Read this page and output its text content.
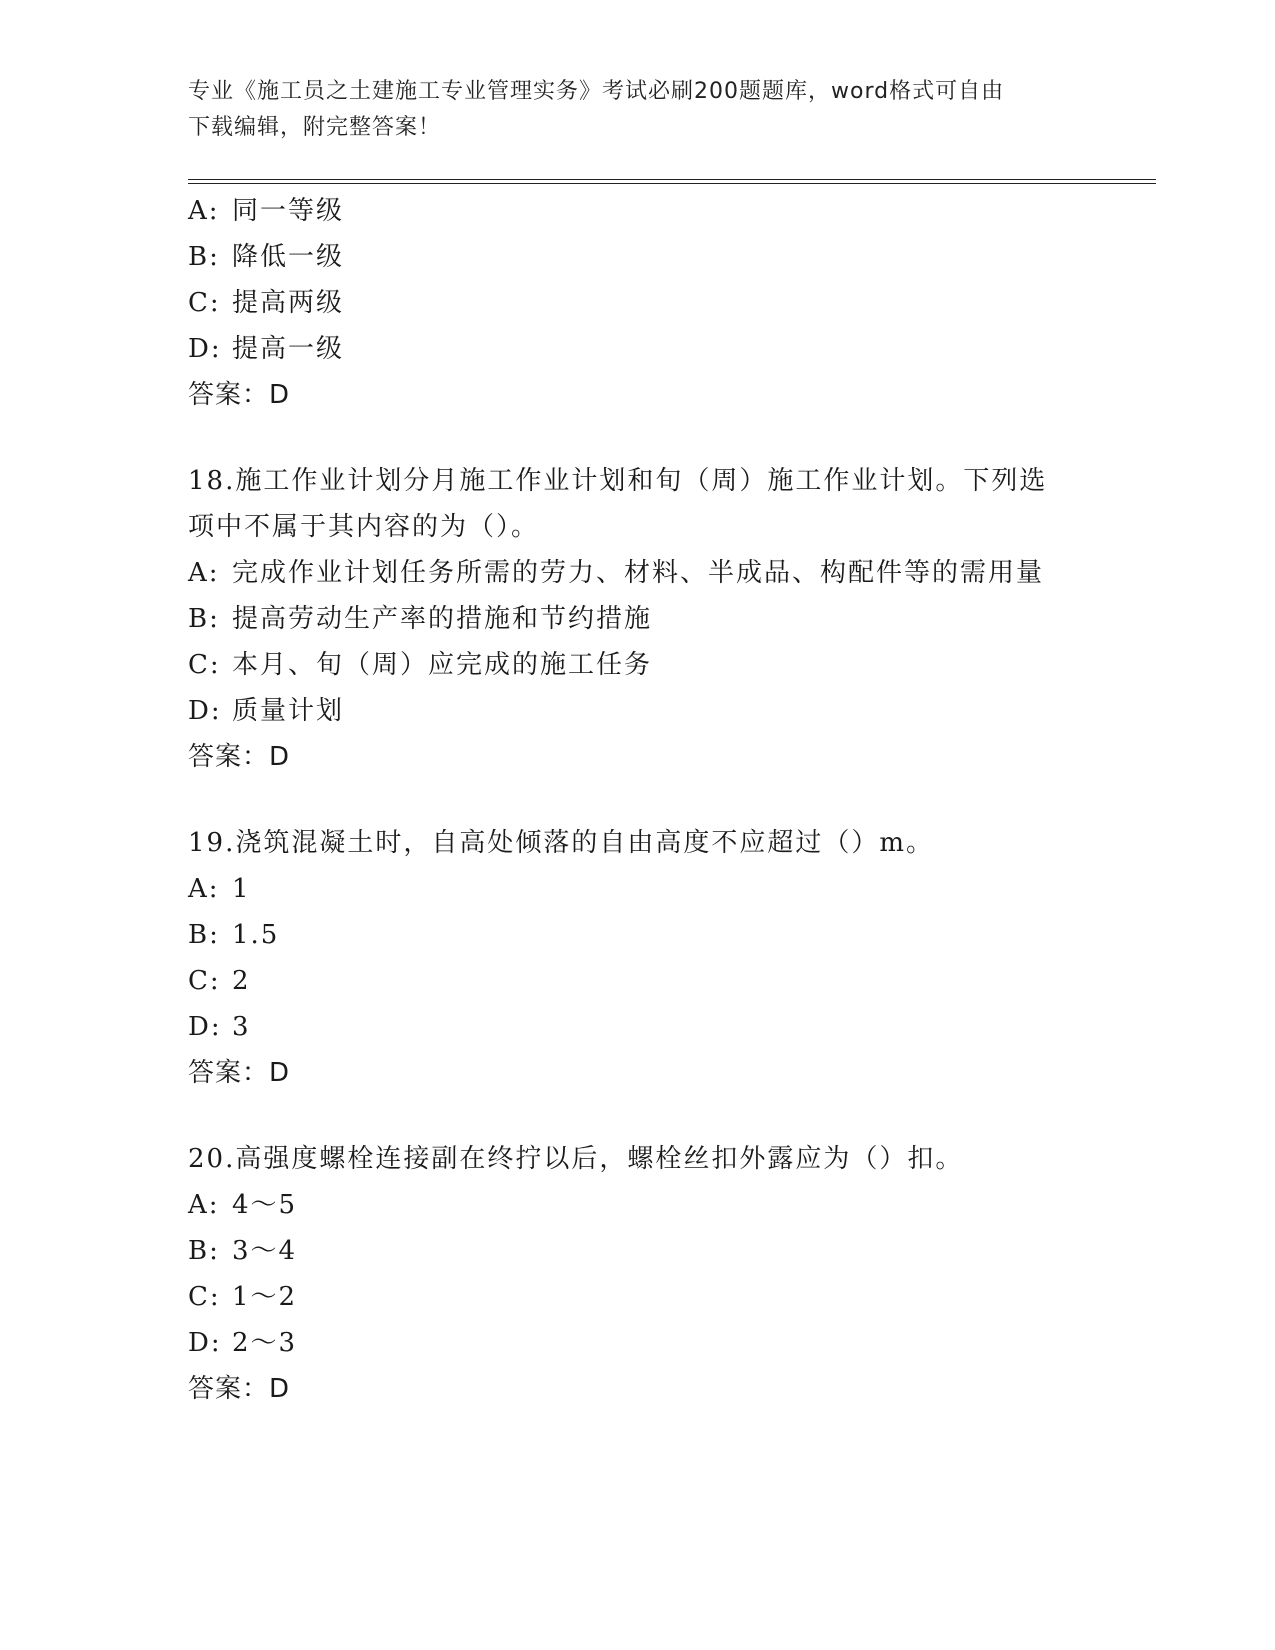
专业《施工员之土建施工专业管理实务》考试必刷200题题库，word格式可自由
下载编辑，附完整答案！
A: 同一等级
B: 降低一级
C: 提高两级
D: 提高一级
答案：D
18.施工作业计划分月施工作业计划和旬（周）施工作业计划。下列选
项中不属于其内容的为（）。
A: 完成作业计划任务所需的劳力、材料、半成品、构配件等的需用量
B: 提高劳动生产率的措施和节约措施
C: 本月、旬（周）应完成的施工任务
D: 质量计划
答案：D
19.浇筑混凝土时，自高处倾落的自由高度不应超过（）m。
A: 1
B: 1.5
C: 2
D: 3
答案：D
20.高强度螺栓连接副在终拧以后，螺栓丝扣外露应为（）扣。
A: 4～5
B: 3～4
C: 1～2
D: 2～3
答案：D
